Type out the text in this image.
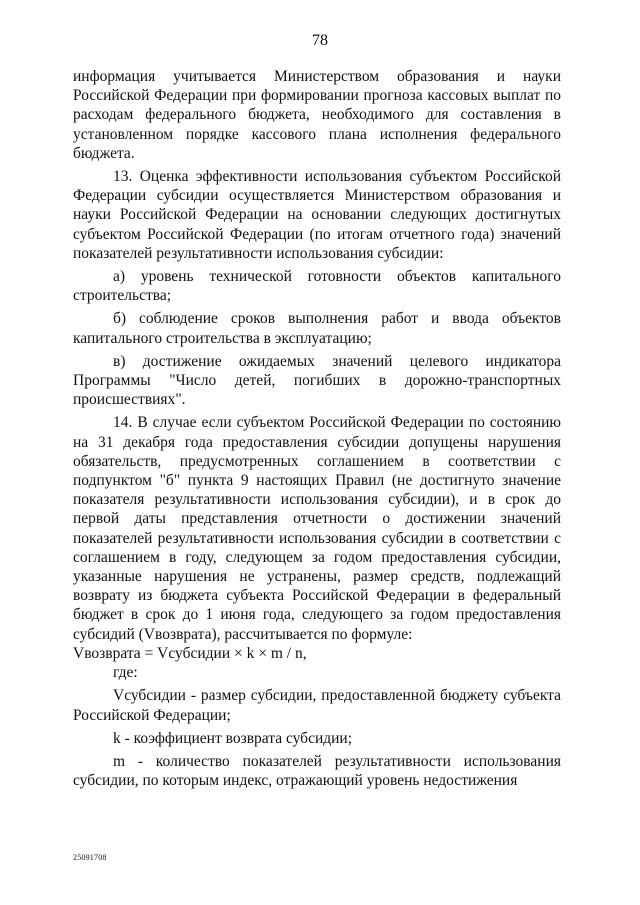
78

информация учитывается Министерством образования и науки Российской Федерации при формировании прогноза кассовых выплат по расходам федерального бюджета, необходимого для составления в установленном порядке кассового плана исполнения федерального бюджета.

13. Оценка эффективности использования субъектом Российской Федерации субсидии осуществляется Министерством образования и науки Российской Федерации на основании следующих достигнутых субъектом Российской Федерации (по итогам отчетного года) значений показателей результативности использования субсидии:

а) уровень технической готовности объектов капитального строительства;

б) соблюдение сроков выполнения работ и ввода объектов капитального строительства в эксплуатацию;

в) достижение ожидаемых значений целевого индикатора Программы "Число детей, погибших в дорожно-транспортных происшествиях".

14. В случае если субъектом Российской Федерации по состоянию на 31 декабря года предоставления субсидии допущены нарушения обязательств, предусмотренных соглашением в соответствии с подпунктом "б" пункта 9 настоящих Правил (не достигнуто значение показателя результативности использования субсидии), и в срок до первой даты представления отчетности о достижении значений показателей результативности использования субсидии в соответствии с соглашением в году, следующем за годом предоставления субсидии, указанные нарушения не устранены, размер средств, подлежащий возврату из бюджета субъекта Российской Федерации в федеральный бюджет в срок до 1 июня года, следующего за годом предоставления субсидий (Vвозврата), рассчитывается по формуле:

Vвозврата = Vсубсидии × k × m / n,

где:

Vсубсидии - размер субсидии, предоставленной бюджету субъекта Российской Федерации;

k - коэффициент возврата субсидии;

m - количество показателей результативности использования субсидии, по которым индекс, отражающий уровень недостижения

25091708
